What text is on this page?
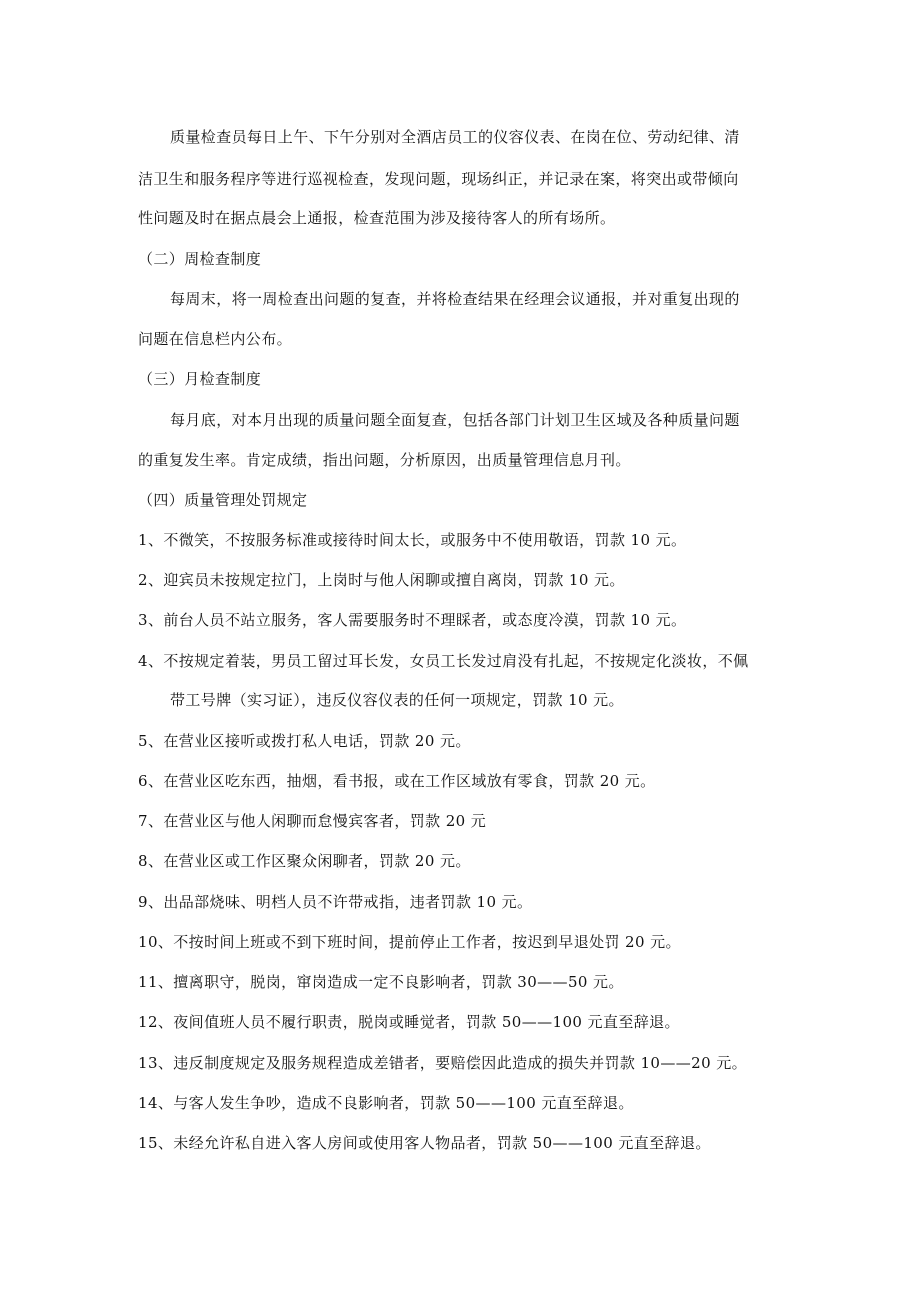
质量检查员每日上午、下午分别对全酒店员工的仪容仪表、在岗在位、劳动纪律、清
洁卫生和服务程序等进行巡视检查，发现问题，现场纠正，并记录在案，将突出或带倾向
性问题及时在据点晨会上通报，检查范围为涉及接待客人的所有场所。
（二）周检查制度
每周末，将一周检查出问题的复查，并将检查结果在经理会议通报，并对重复出现的
问题在信息栏内公布。
（三）月检查制度
每月底，对本月出现的质量问题全面复查，包括各部门计划卫生区域及各种质量问题
的重复发生率。肯定成绩，指出问题，分析原因，出质量管理信息月刊。
（四）质量管理处罚规定
1、不微笑，不按服务标准或接待时间太长，或服务中不使用敬语，罚款 10 元。
2、迎宾员未按规定拉门，上岗时与他人闲聊或擅自离岗，罚款 10 元。
3、前台人员不站立服务，客人需要服务时不理睬者，或态度冷漠，罚款 10 元。
4、不按规定着装，男员工留过耳长发，女员工长发过肩没有扎起，不按规定化淡妆，不佩
带工号牌（实习证），违反仪容仪表的任何一项规定，罚款 10 元。
5、在营业区接听或拨打私人电话，罚款 20 元。
6、在营业区吃东西，抽烟，看书报，或在工作区域放有零食，罚款 20 元。
7、在营业区与他人闲聊而怠慢宾客者，罚款 20 元
8、在营业区或工作区聚众闲聊者，罚款 20 元。
9、出品部烧味、明档人员不许带戒指，违者罚款 10 元。
10、不按时间上班或不到下班时间，提前停止工作者，按迟到早退处罚 20 元。
11、擅离职守，脱岗，窜岗造成一定不良影响者，罚款 30——50 元。
12、夜间值班人员不履行职责，脱岗或睡觉者，罚款 50——100 元直至辞退。
13、违反制度规定及服务规程造成差错者，要赔偿因此造成的损失并罚款 10——20 元。
14、与客人发生争吵，造成不良影响者，罚款 50——100 元直至辞退。
15、未经允许私自进入客人房间或使用客人物品者，罚款 50——100 元直至辞退。
